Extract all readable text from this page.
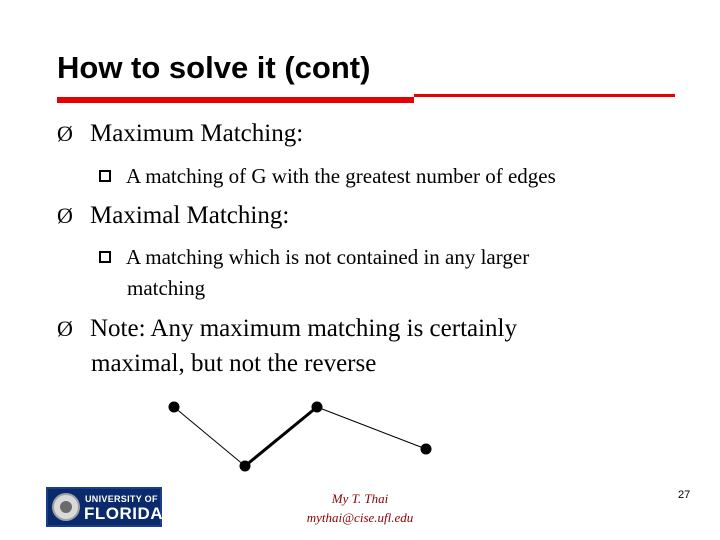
How to solve it (cont)
Ø Maximum Matching:
A matching of G with the greatest number of edges
Ø Maximal Matching:
A matching which is not contained in any larger
matching
Ø Note: Any maximum matching is certainly
maximal, but not the reverse
UNIVERSITY OF
FLORIDA
My T. Thai
mythai@cise.ufl.edu
27
